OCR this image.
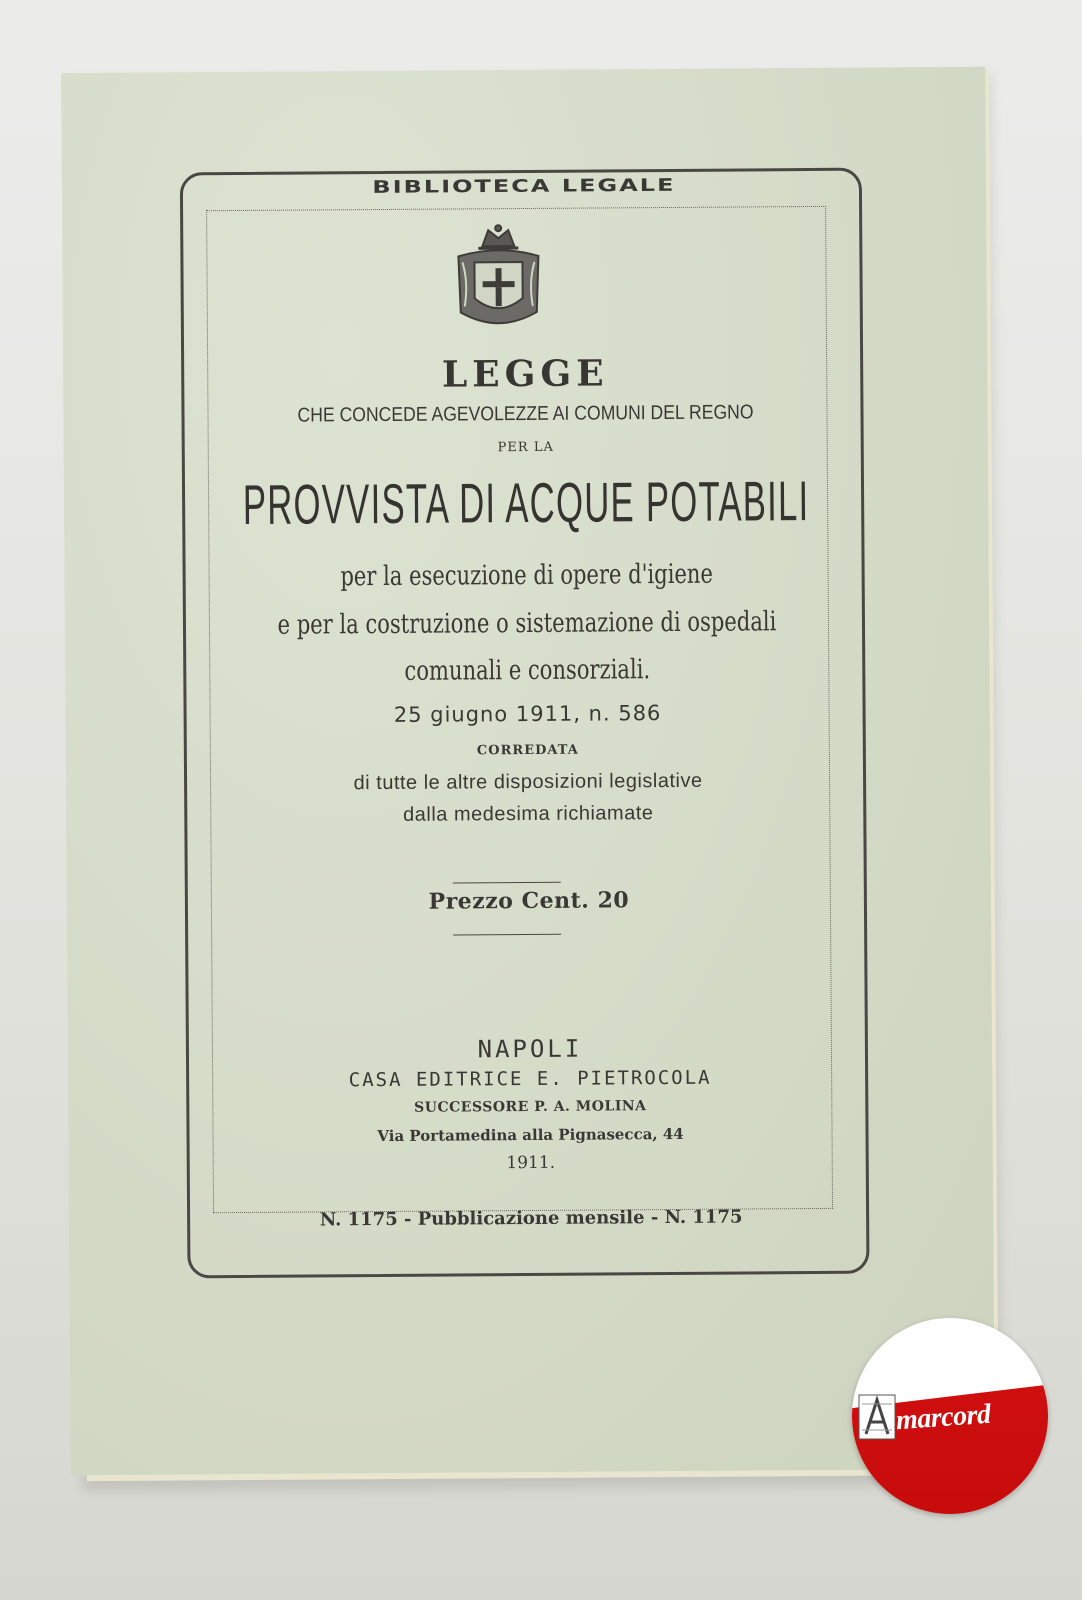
BIBLIOTECA LEGALE
LEGGE
CHE CONCEDE AGEVOLEZZE AI COMUNI DEL REGNO
PER LA
PROVVISTA DI ACQUE POTABILI
per la esecuzione di opere d'igiene
e per la costruzione o sistemazione di ospedali
comunali e consorziali.
25 giugno 1911, n. 586
CORREDATA
di tutte le altre disposizioni legislative
dalla medesima richiamate
Prezzo Cent. 20
NAPOLI
CASA EDITRICE E. PIETROCOLA
SUCCESSORE P. A. MOLINA
Via Portamedina alla Pignasecca, 44
1911.
N. 1175 - Pubblicazione mensile - N. 1175
marcord
